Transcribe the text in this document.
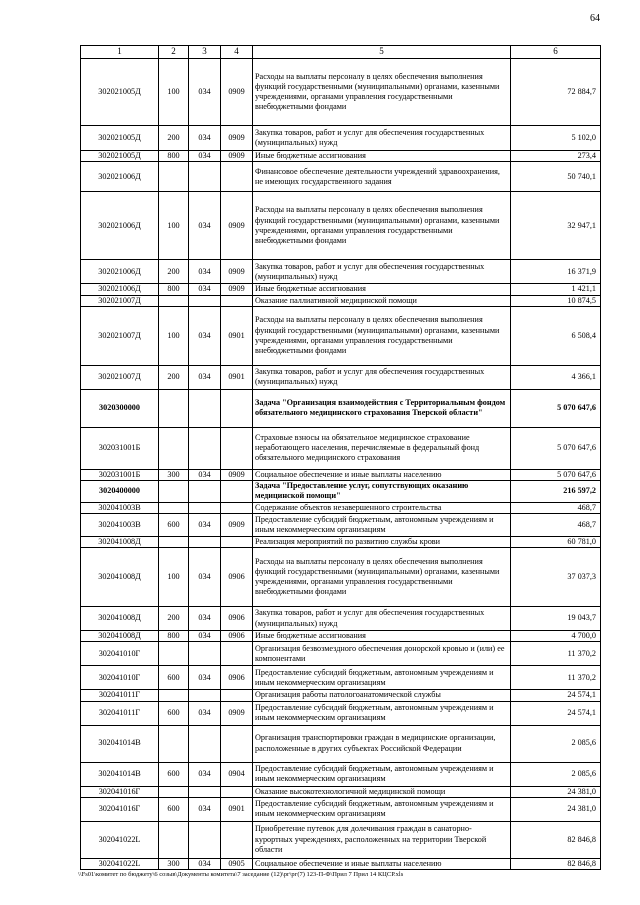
64
1	2	3	4	5	6
302021005Д	100	034	0909	Расходы на выплаты персоналу в целях обеспечения выполнения функций государственными (муниципальными) органами, казенными учреждениями, органами управления государственными внебюджетными фондами	72 884,7
302021005Д	200	034	0909	Закупка товаров, работ и услуг для обеспечения государственных (муниципальных) нужд	5 102,0
302021005Д	800	034	0909	Иные бюджетные ассигнования	273,4
302021006Д				Финансовое обеспечение деятельности учреждений здравоохранения, не имеющих государственного задания	50 740,1
302021006Д	100	034	0909	Расходы на выплаты персоналу в целях обеспечения выполнения функций государственными (муниципальными) органами, казенными учреждениями, органами управления государственными внебюджетными фондами	32 947,1
302021006Д	200	034	0909	Закупка товаров, работ и услуг для обеспечения государственных (муниципальных) нужд	16 371,9
302021006Д	800	034	0909	Иные бюджетные ассигнования	1 421,1
302021007Д				Оказание паллиативной медицинской помощи	10 874,5
302021007Д	100	034	0901	Расходы на выплаты персоналу в целях обеспечения выполнения функций государственными (муниципальными) органами, казенными учреждениями, органами управления государственными внебюджетными фондами	6 508,4
302021007Д	200	034	0901	Закупка товаров, работ и услуг для обеспечения государственных (муниципальных) нужд	4 366,1
3020300000				Задача "Организация взаимодействия с Территориальным фондом обязательного медицинского страхования Тверской области"	5 070 647,6
302031001Б				Страховые взносы на обязательное медицинское страхование неработающего населения, перечисляемые в федеральный фонд обязательного медицинского страхования	5 070 647,6
302031001Б	300	034	0909	Социальное обеспечение и иные выплаты населению	5 070 647,6
3020400000				Задача "Предоставление услуг, сопутствующих оказанию медицинской помощи"	216 597,2
302041003В				Содержание объектов незавершенного строительства	468,7
302041003В	600	034	0909	Предоставление субсидий бюджетным, автономным учреждениям и иным некоммерческим организациям	468,7
302041008Д				Реализация мероприятий по развитию службы крови	60 781,0
302041008Д	100	034	0906	Расходы на выплаты персоналу в целях обеспечения выполнения функций государственными (муниципальными) органами, казенными учреждениями, органами управления государственными внебюджетными фондами	37 037,3
302041008Д	200	034	0906	Закупка товаров, работ и услуг для обеспечения государственных (муниципальных) нужд	19 043,7
302041008Д	800	034	0906	Иные бюджетные ассигнования	4 700,0
302041010Г				Организация безвозмездного обеспечения донорской кровью и (или) ее компонентами	11 370,2
302041010Г	600	034	0906	Предоставление субсидий бюджетным, автономным учреждениям и иным некоммерческим организациям	11 370,2
302041011Г				Организация работы патологоанатомической службы	24 574,1
302041011Г	600	034	0909	Предоставление субсидий бюджетным, автономным учреждениям и иным некоммерческим организациям	24 574,1
302041014В				Организация транспортировки граждан в медицинские организации, расположенные в других субъектах Российской Федерации	2 085,6
302041014В	600	034	0904	Предоставление субсидий бюджетным, автономным учреждениям и иным некоммерческим организациям	2 085,6
302041016Г				Оказание высокотехнологичной медицинской помощи	24 381,0
302041016Г	600	034	0901	Предоставление субсидий бюджетным, автономным учреждениям и иным некоммерческим организациям	24 381,0
302041022L				Приобретение путевок для долечивания граждан в санаторно-курортных учреждениях, расположенных на территории Тверской области	82 846,8
302041022L	300	034	0905	Социальное обеспечение и иные выплаты населению	82 846,8
\\Fs01\комитет по бюджету\6 созыв\Документы комитета\7 заседание (12)\рг\рг(7) 123-П-Ф\Прил 7 Прил 14 КЦСР.xls
